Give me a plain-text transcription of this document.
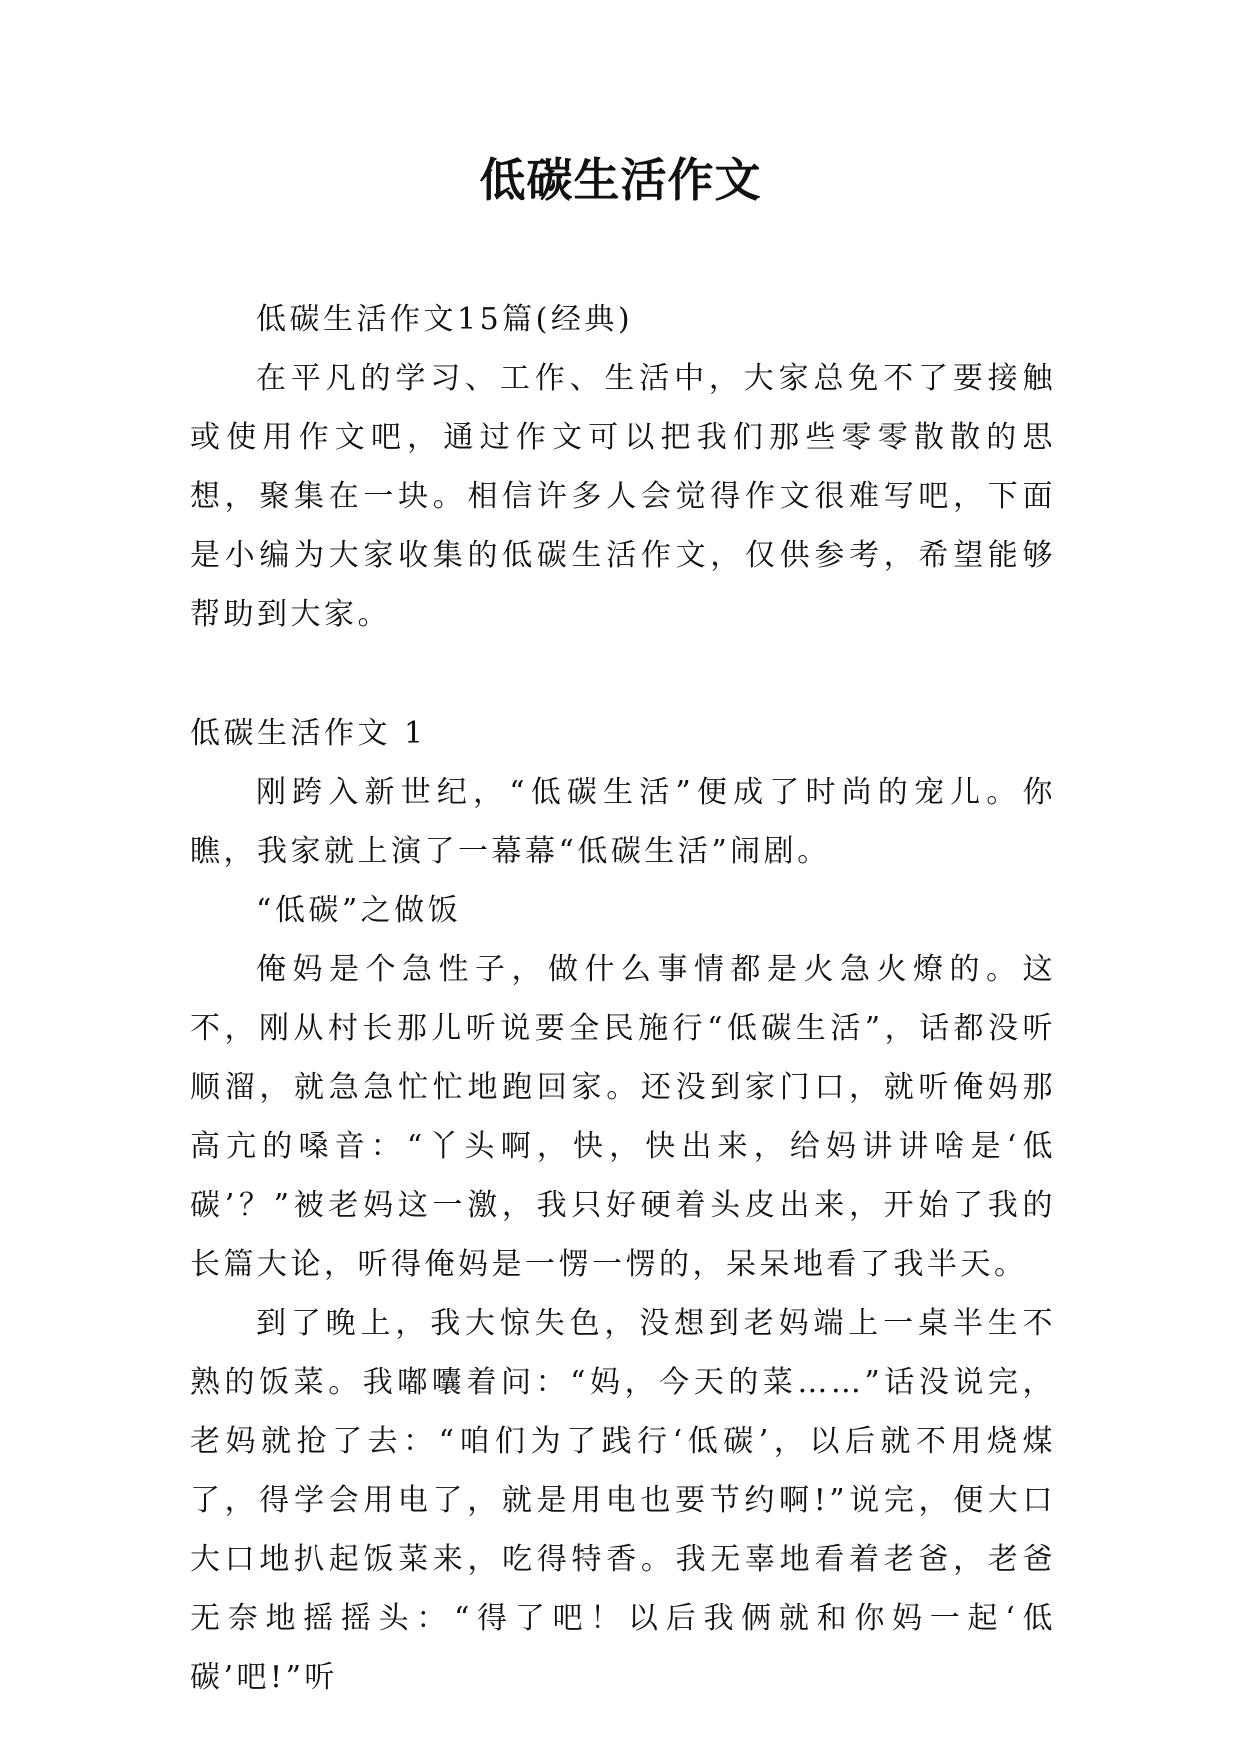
低碳生活作文

低碳生活作文15篇(经典)

在平凡的学习、工作、生活中，大家总免不了要接触或使用作文吧，通过作文可以把我们那些零零散散的思想，聚集在一块。相信许多人会觉得作文很难写吧，下面是小编为大家收集的低碳生活作文，仅供参考，希望能够帮助到大家。

低碳生活作文 1

刚跨入新世纪，“低碳生活”便成了时尚的宠儿。你瞧，我家就上演了一幕幕“低碳生活”闹剧。

“低碳”之做饭

俺妈是个急性子，做什么事情都是火急火燎的。这不，刚从村长那儿听说要全民施行“低碳生活”，话都没听顺溜，就急急忙忙地跑回家。还没到家门口，就听俺妈那高亢的嗓音：“丫头啊，快，快出来，给妈讲讲啥是‘低碳’？”被老妈这一激，我只好硬着头皮出来，开始了我的长篇大论，听得俺妈是一愣一愣的，呆呆地看了我半天。

到了晚上，我大惊失色，没想到老妈端上一桌半生不熟的饭菜。我嘟囔着问：“妈，今天的菜……”话没说完，老妈就抢了去：“咱们为了践行‘低碳’，以后就不用烧煤了，得学会用电了，就是用电也要节约啊!”说完，便大口大口地扒起饭菜来，吃得特香。我无辜地看着老爸，老爸无奈地摇摇头：“得了吧！以后我俩就和你妈一起‘低碳’吧!”听
